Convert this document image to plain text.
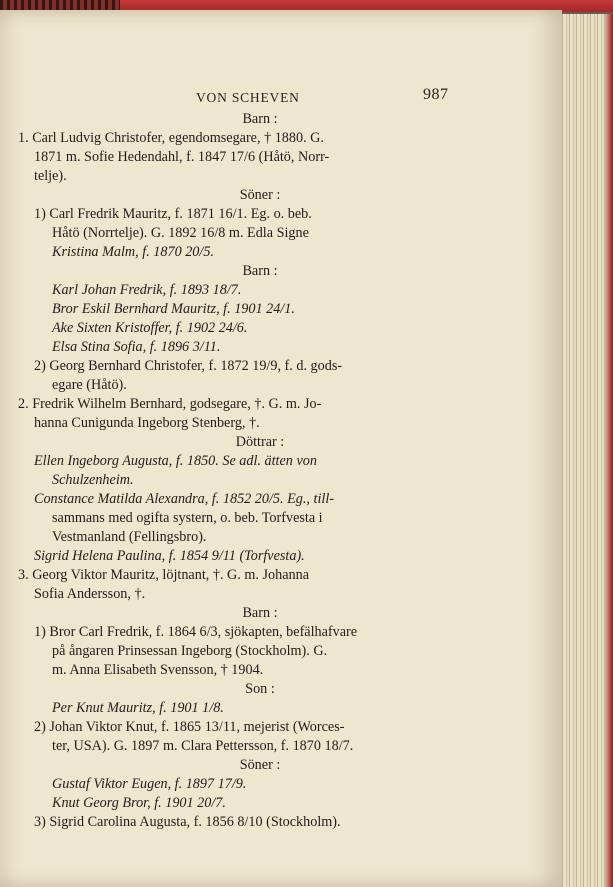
VON SCHEVEN	987
Barn :
1. Carl Ludvig Christofer, egendomsegare, † 1880. G.
1871 m. Sofie Hedendahl, f. 1847 17/6 (Håtö, Norr-
telje).
Söner :
1) Carl Fredrik Mauritz, f. 1871 16/1. Eg. o. beb.
Håtö (Norrtelje). G. 1892 16/8 m. Edla Signe
Kristina Malm, f. 1870 20/5.
Barn :
Karl Johan Fredrik, f. 1893 18/7.
Bror Eskil Bernhard Mauritz, f. 1901 24/1.
Ake Sixten Kristoffer, f. 1902 24/6.
Elsa Stina Sofia, f. 1896 3/11.
2) Georg Bernhard Christofer, f. 1872 19/9, f. d. gods-
egare (Håtö).
2. Fredrik Wilhelm Bernhard, godsegare, †. G. m. Jo-
hanna Cunigunda Ingeborg Stenberg, †.
Döttrar :
Ellen Ingeborg Augusta, f. 1850. Se adl. ätten von
Schulzenheim.
Constance Matilda Alexandra, f. 1852 20/5. Eg., till-
sammans med ogifta systern, o. beb. Torfvesta i
Vestmanland (Fellingsbro).
Sigrid Helena Paulina, f. 1854 9/11 (Torfvesta).
3. Georg Viktor Mauritz, löjtnant, †. G. m. Johanna
Sofia Andersson, †.
Barn :
1) Bror Carl Fredrik, f. 1864 6/3, sjökapten, befälhafvare
på ångaren Prinsessan Ingeborg (Stockholm). G.
m. Anna Elisabeth Svensson, † 1904.
Son :
Per Knut Mauritz, f. 1901 1/8.
2) Johan Viktor Knut, f. 1865 13/11, mejerist (Worces-
ter, USA). G. 1897 m. Clara Pettersson, f. 1870 18/7.
Söner :
Gustaf Viktor Eugen, f. 1897 17/9.
Knut Georg Bror, f. 1901 20/7.
3) Sigrid Carolina Augusta, f. 1856 8/10 (Stockholm).
